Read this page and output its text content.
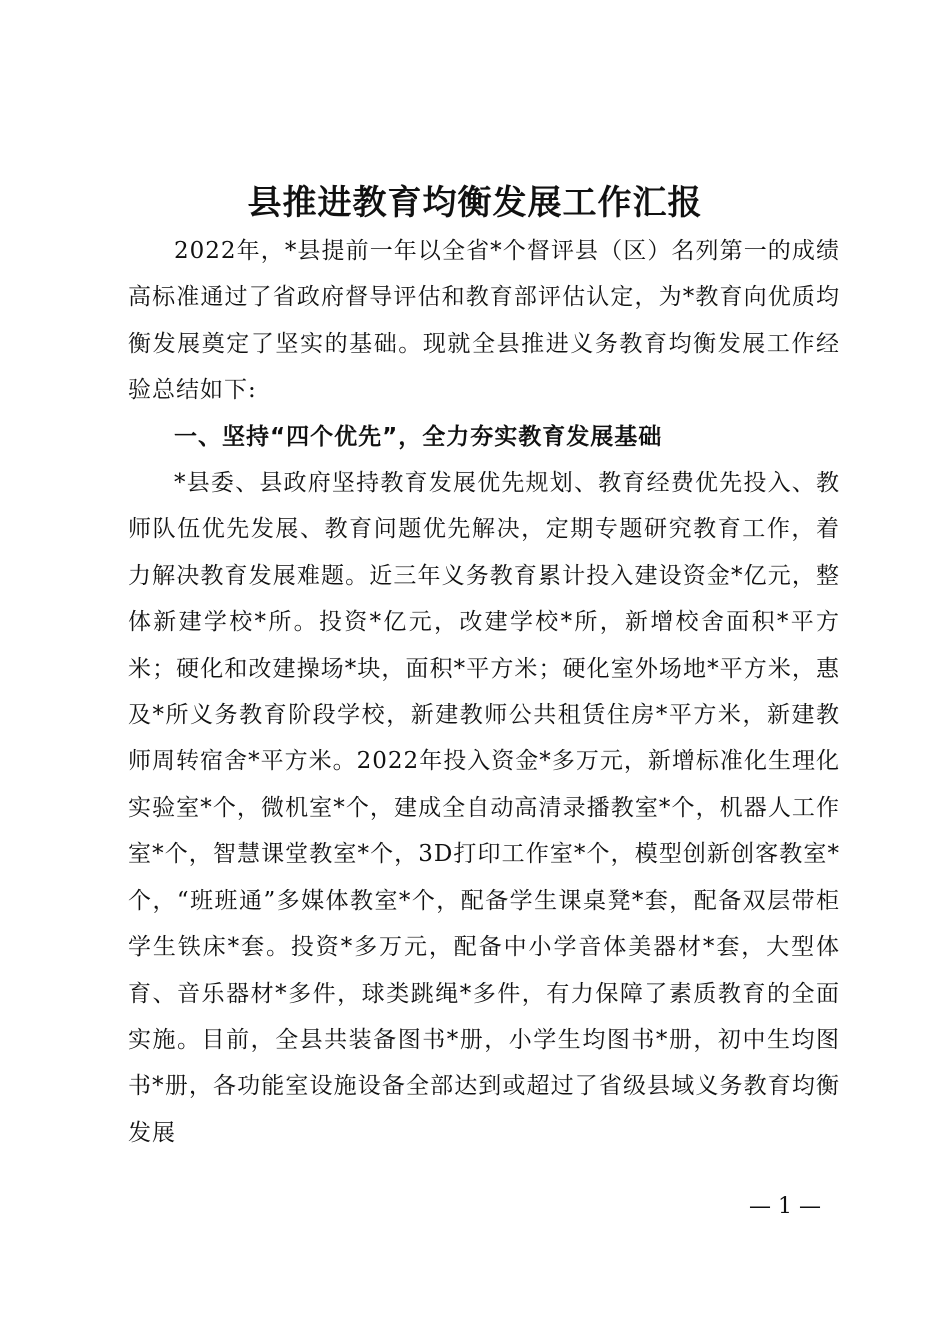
县推进教育均衡发展工作汇报

2022年，*县提前一年以全省*个督评县（区）名列第一的成绩高标准通过了省政府督导评估和教育部评估认定，为*教育向优质均衡发展奠定了坚实的基础。现就全县推进义务教育均衡发展工作经验总结如下:

一、坚持“四个优先”，全力夯实教育发展基础

*县委、县政府坚持教育发展优先规划、教育经费优先投入、教师队伍优先发展、教育问题优先解决，定期专题研究教育工作，着力解决教育发展难题。近三年义务教育累计投入建设资金*亿元，整体新建学校*所。投资*亿元，改建学校*所，新增校舍面积*平方米；硬化和改建操场*块，面积*平方米；硬化室外场地*平方米，惠及*所义务教育阶段学校，新建教师公共租赁住房*平方米，新建教师周转宿舍*平方米。2022年投入资金*多万元，新增标准化生理化实验室*个，微机室*个，建成全自动高清录播教室*个，机器人工作室*个，智慧课堂教室*个，3D打印工作室*个，模型创新创客教室*个，“班班通”多媒体教室*个，配备学生课桌凳*套，配备双层带柜学生铁床*套。投资*多万元，配备中小学音体美器材*套，大型体育、音乐器材*多件，球类跳绳*多件，有力保障了素质教育的全面实施。目前，全县共装备图书*册，小学生均图书*册，初中生均图书*册，各功能室设施设备全部达到或超过了省级县域义务教育均衡发展

— 1 —
